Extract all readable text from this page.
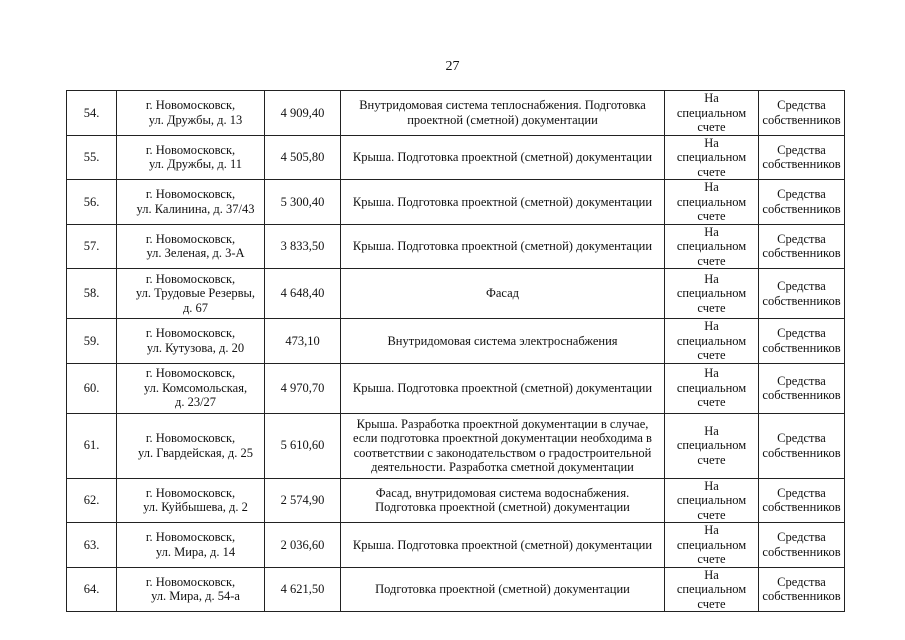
27
54.	г. Новомосковск,
ул. Дружбы, д. 13	4 909,40	Внутридомовая система теплоснабжения. Подготовка
проектной (сметной) документации	На специальном
счете	Средства
собственников

55.	г. Новомосковск,
ул. Дружбы, д. 11	4 505,80	Крыша. Подготовка проектной (сметной) документации	На специальном
счете	Средства
собственников

56.	г. Новомосковск,
ул. Калинина, д. 37/43	5 300,40	Крыша. Подготовка проектной (сметной) документации	На специальном
счете	Средства
собственников

57.	г. Новомосковск,
ул. Зеленая, д. 3-А	3 833,50	Крыша. Подготовка проектной (сметной) документации	На специальном
счете	Средства
собственников

58.	г. Новомосковск,
ул. Трудовые Резервы,
д. 67	4 648,40	Фасад	На специальном
счете	Средства
собственников

59.	г. Новомосковск,
ул. Кутузова, д. 20	473,10	Внутридомовая система электроснабжения	На специальном
счете	Средства
собственников

60.	г. Новомосковск,
ул. Комсомольская,
д. 23/27	4 970,70	Крыша. Подготовка проектной (сметной) документации	На специальном
счете	Средства
собственников

61.	г. Новомосковск,
ул. Гвардейская, д. 25	5 610,60	Крыша. Разработка проектной документации в случае,
если подготовка проектной документации необходима в
соответствии с законодательством о градостроительной
деятельности. Разработка сметной документации	На специальном
счете	Средства
собственников

62.	г. Новомосковск,
ул. Куйбышева, д. 2	2 574,90	Фасад, внутридомовая система водоснабжения.
Подготовка проектной (сметной) документации	На специальном
счете	Средства
собственников

63.	г. Новомосковск,
ул. Мира, д. 14	2 036,60	Крыша. Подготовка проектной (сметной) документации	На специальном
счете	Средства
собственников

64.	г. Новомосковск,
ул. Мира, д. 54-а	4 621,50	Подготовка проектной (сметной) документации	На специальном
счете	Средства
собственников
